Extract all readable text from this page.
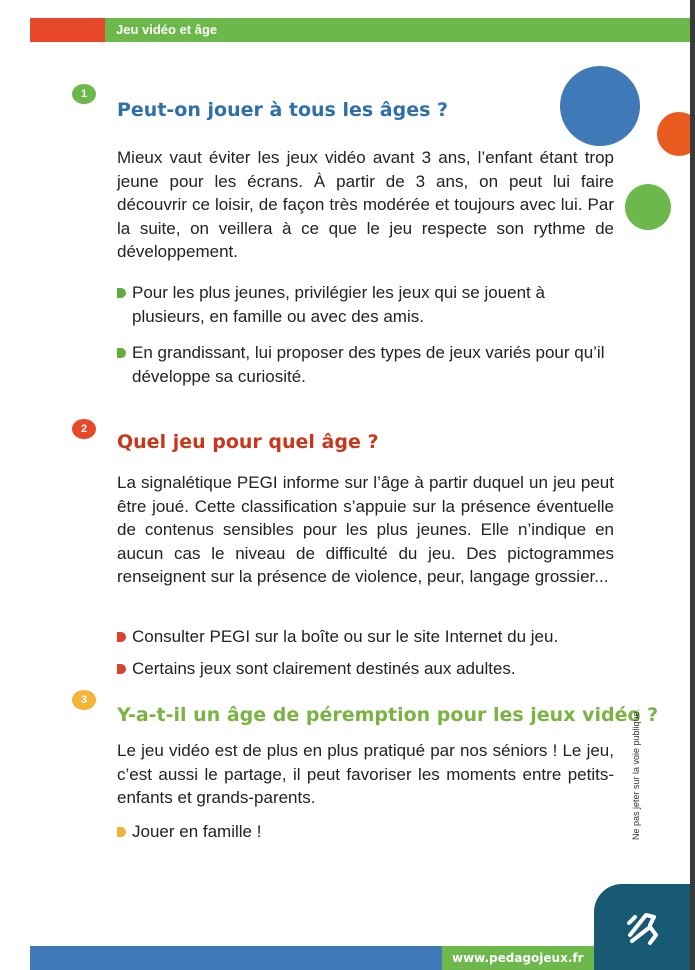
Jeu vidéo et âge
1
Peut-on jouer à tous les âges ?
Mieux vaut éviter les jeux vidéo avant 3 ans, l’enfant étant trop jeune pour les écrans. À partir de 3 ans, on peut lui faire découvrir ce loisir, de façon très modérée et toujours avec lui. Par la suite, on veillera à ce que le jeu respecte son rythme de développement.
Pour les plus jeunes, privilégier les jeux qui se jouent à plusieurs, en famille ou avec des amis.
En grandissant, lui proposer des types de jeux variés pour qu’il développe sa curiosité.
2
Quel jeu pour quel âge ?
La signalétique PEGI informe sur l’âge à partir duquel un jeu peut être joué. Cette classification s’appuie sur la présence éventuelle de contenus sensibles pour les plus jeunes. Elle n’indique en aucun cas le niveau de difficulté du jeu. Des pictogrammes renseignent sur la présence de violence, peur, langage grossier...
Consulter PEGI sur la boîte ou sur le site Internet du jeu.
Certains jeux sont clairement destinés aux adultes.
3
Y-a-t-il un âge de péremption pour les jeux vidéo ?
Le jeu vidéo est de plus en plus pratiqué par nos séniors ! Le jeu, c’est aussi le partage, il peut favoriser les moments entre petits-enfants et grands-parents.
Jouer en famille !	Ne pas jeter sur la voie publique.
www.pedagojeux.fr
